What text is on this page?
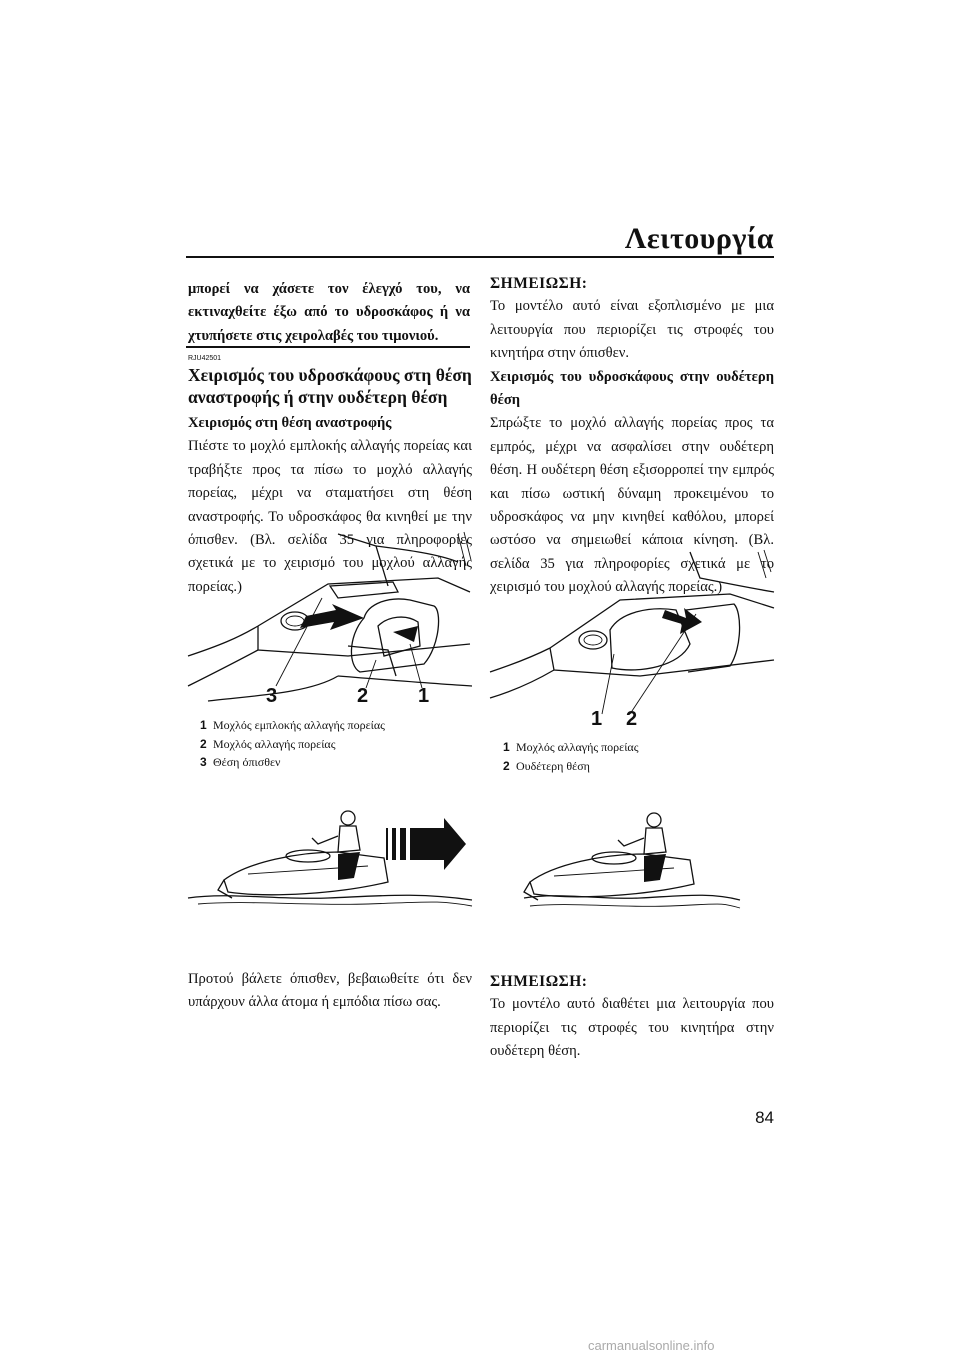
Λειτουργία
μπορεί να χάσετε τον έλεγχό του, να εκτιναχθείτε έξω από το υδροσκάφος ή να χτυπήσετε στις χειρολαβές του τιμονιού.
RJU42501
Χειρισμός του υδροσκάφους στη θέση αναστροφής ή στην ουδέτερη θέση

Χειρισμός στη θέση αναστροφής

Πιέστε το μοχλό εμπλοκής αλλαγής πορείας και τραβήξτε προς τα πίσω το μοχλό αλλαγής πορείας, μέχρι να σταματήσει στη θέση αναστροφής. Το υδροσκάφος θα κινηθεί με την όπισθεν. (Βλ. σελίδα 35 για πληροφορίες σχετικά με το χειρισμό του μοχλού αλλαγής πορείας.)

3	2 1
1 Μοχλός εμπλοκής αλλαγής πορείας
2 Μοχλός αλλαγής πορείας
3 Θέση όπισθεν

Προτού βάλετε όπισθεν, βεβαιωθείτε ότι δεν υπάρχουν άλλα άτομα ή εμπόδια πίσω σας.

ΣΗΜΕΙΩΣΗ:

Το μοντέλο αυτό είναι εξοπλισμένο με μια λειτουργία που περιορίζει τις στροφές του κινητήρα στην όπισθεν.

Χειρισμός του υδροσκάφους στην ουδέτερη θέση

Σπρώξτε το μοχλό αλλαγής πορείας προς τα εμπρός, μέχρι να ασφαλίσει στην ουδέτερη θέση. Η ουδέτερη θέση εξισορροπεί την εμπρός και πίσω ωστική δύναμη προκειμένου το υδροσκάφος να μην κινηθεί καθόλου, μπορεί ωστόσο να σημειωθεί κάποια κίνηση. (Βλ. σελίδα 35 για πληροφορίες σχετικά με το χειρισμό του μοχλού αλλαγής πορείας.)

1 2
1 Μοχλός αλλαγής πορείας
2 Ουδέτερη θέση

ΣΗΜΕΙΩΣΗ:

Το μοντέλο αυτό διαθέτει μια λειτουργία που περιορίζει τις στροφές του κινητήρα στην ουδέτερη θέση.

84
carmanualsonline.info
